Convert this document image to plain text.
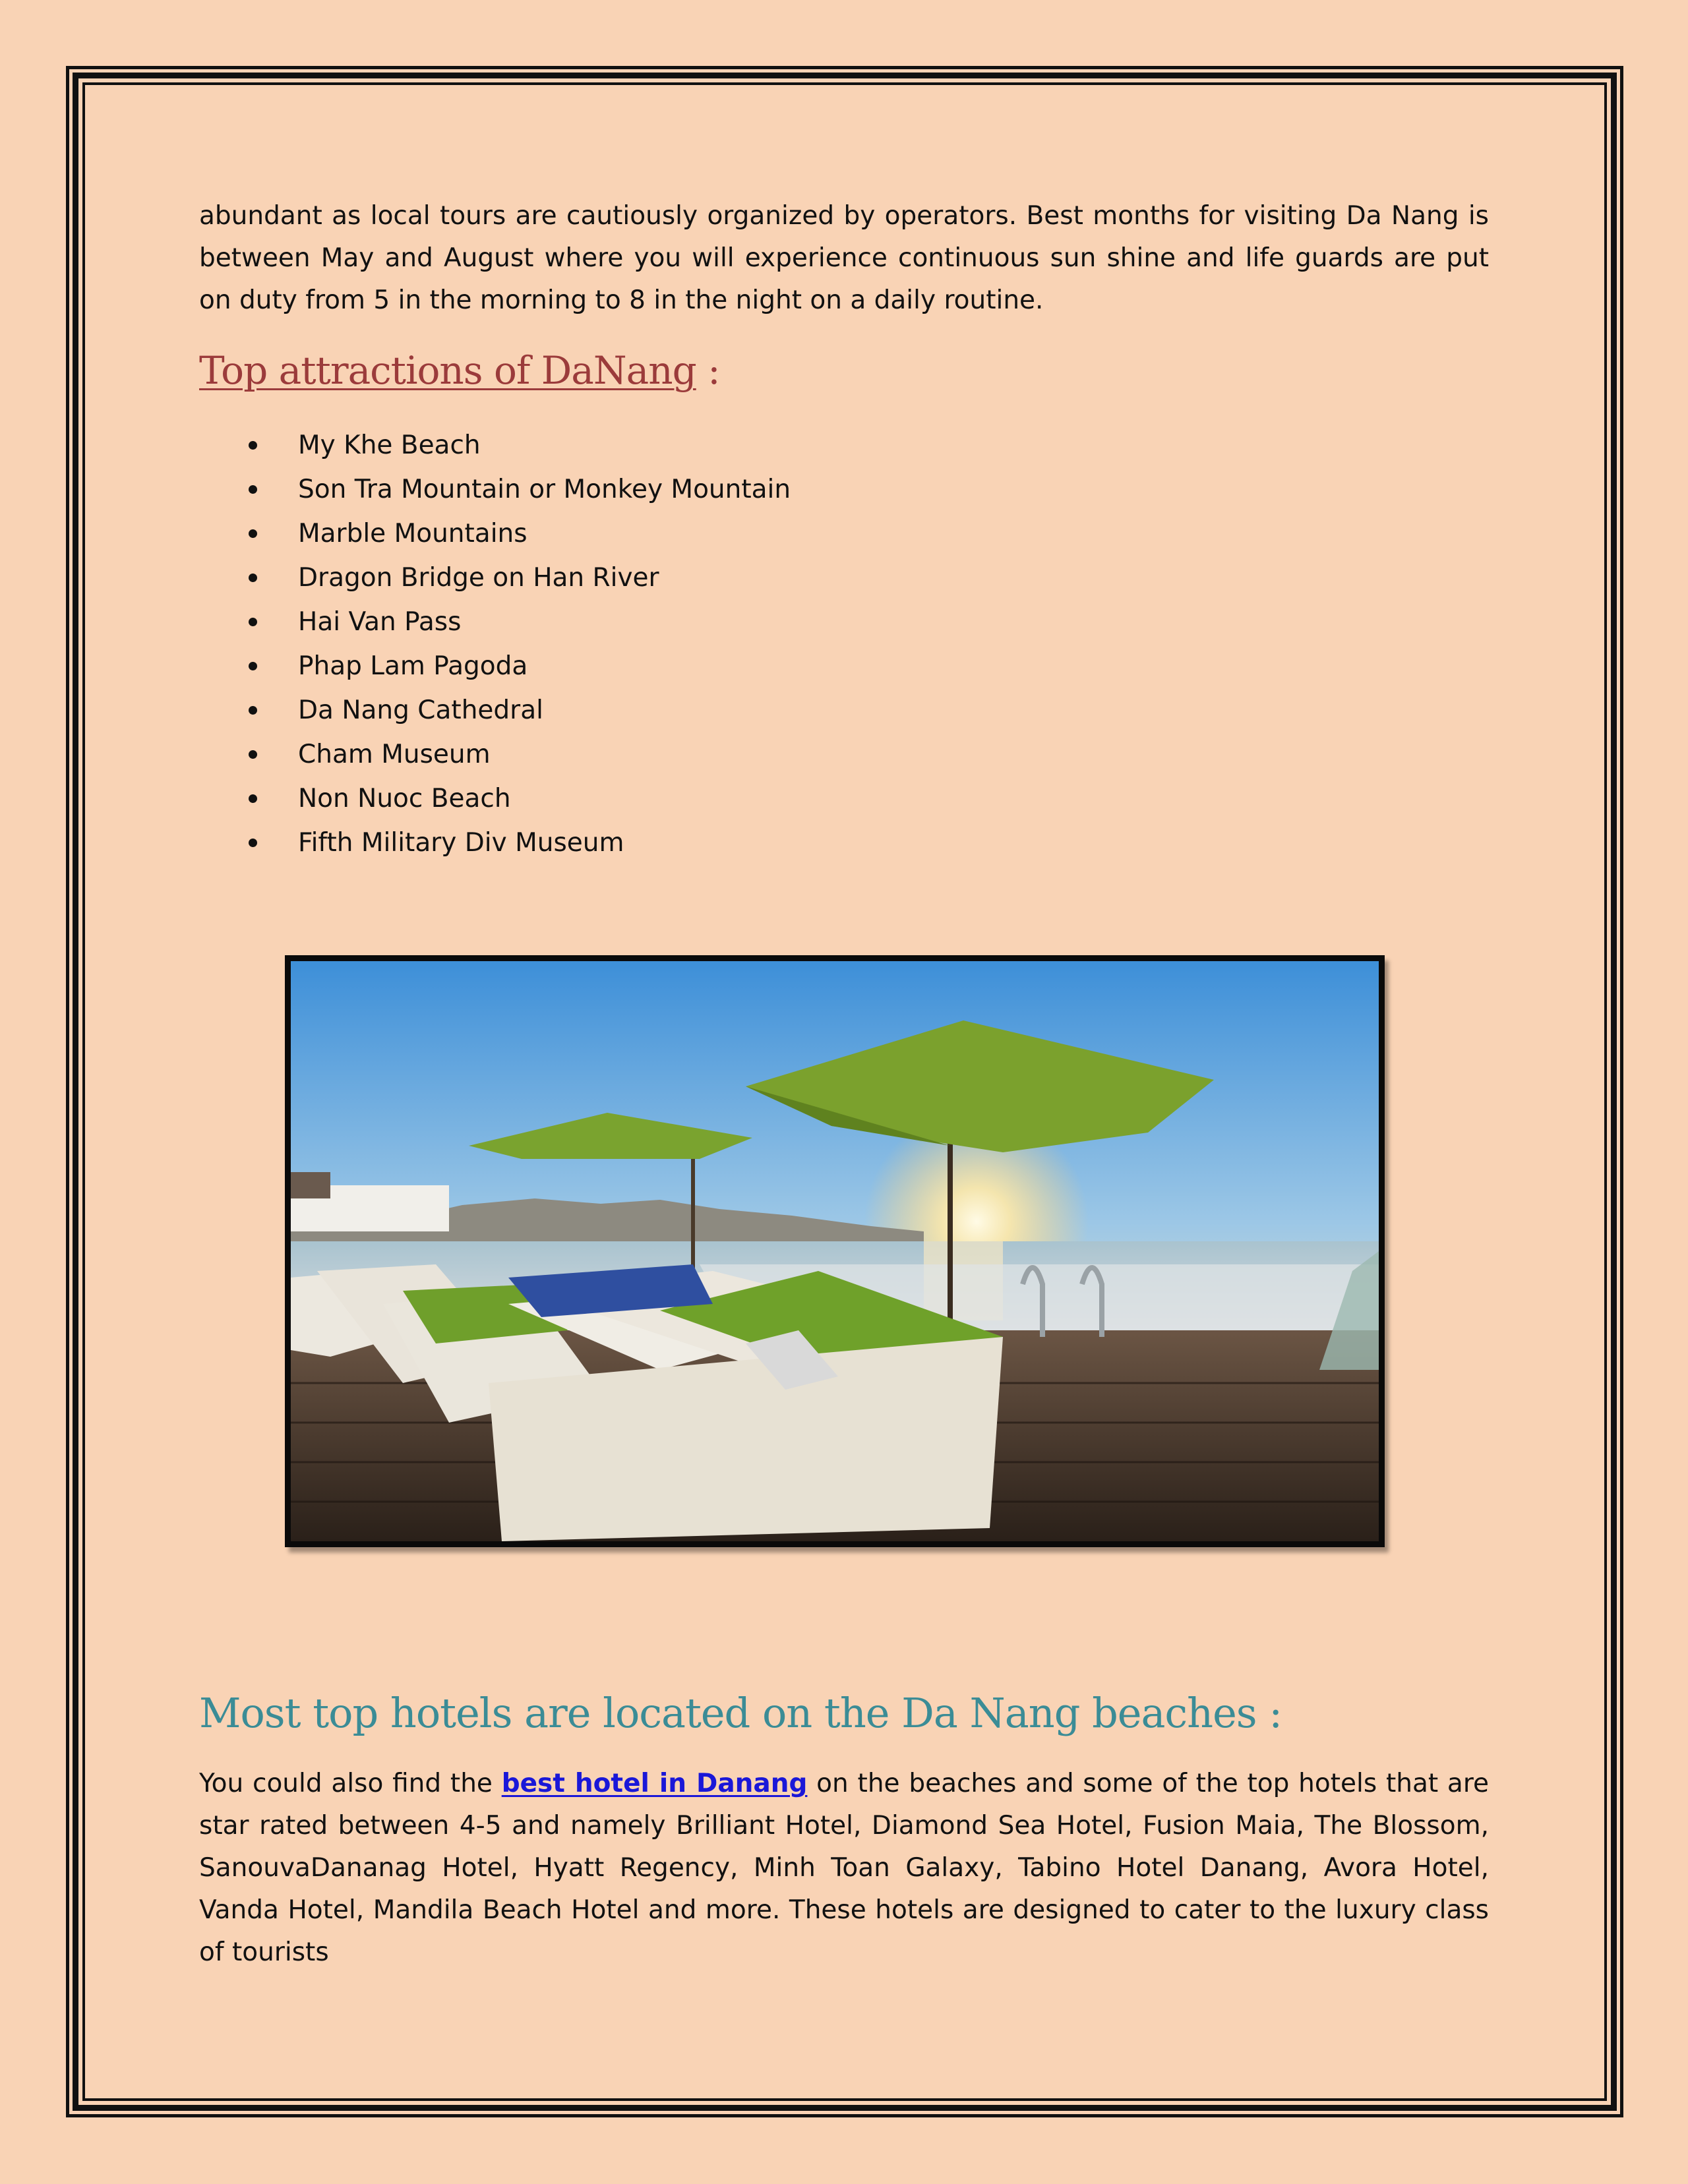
abundant as local tours are cautiously organized by operators. Best months for visiting Da Nang is between May and August where you will experience continuous sun shine and life guards are put on duty from 5 in the morning to 8 in the night on a daily routine.

Top attractions of DaNang :
My Khe Beach
Son Tra Mountain or Monkey Mountain
Marble Mountains
Dragon Bridge on Han River
Hai Van Pass
Phap Lam Pagoda
Da Nang Cathedral
Cham Museum
Non Nuoc Beach
Fifth Military Div Museum
Most top hotels are located on the Da Nang beaches :

You could also find the best hotel in Danang on the beaches and some of the top hotels that are star rated between 4-5 and namely Brilliant Hotel, Diamond Sea Hotel, Fusion Maia, The Blossom, SanouvaDananag Hotel, Hyatt Regency, Minh Toan Galaxy, Tabino Hotel Danang, Avora Hotel, Vanda Hotel, Mandila Beach Hotel and more. These hotels are designed to cater to the luxury class of tourists
